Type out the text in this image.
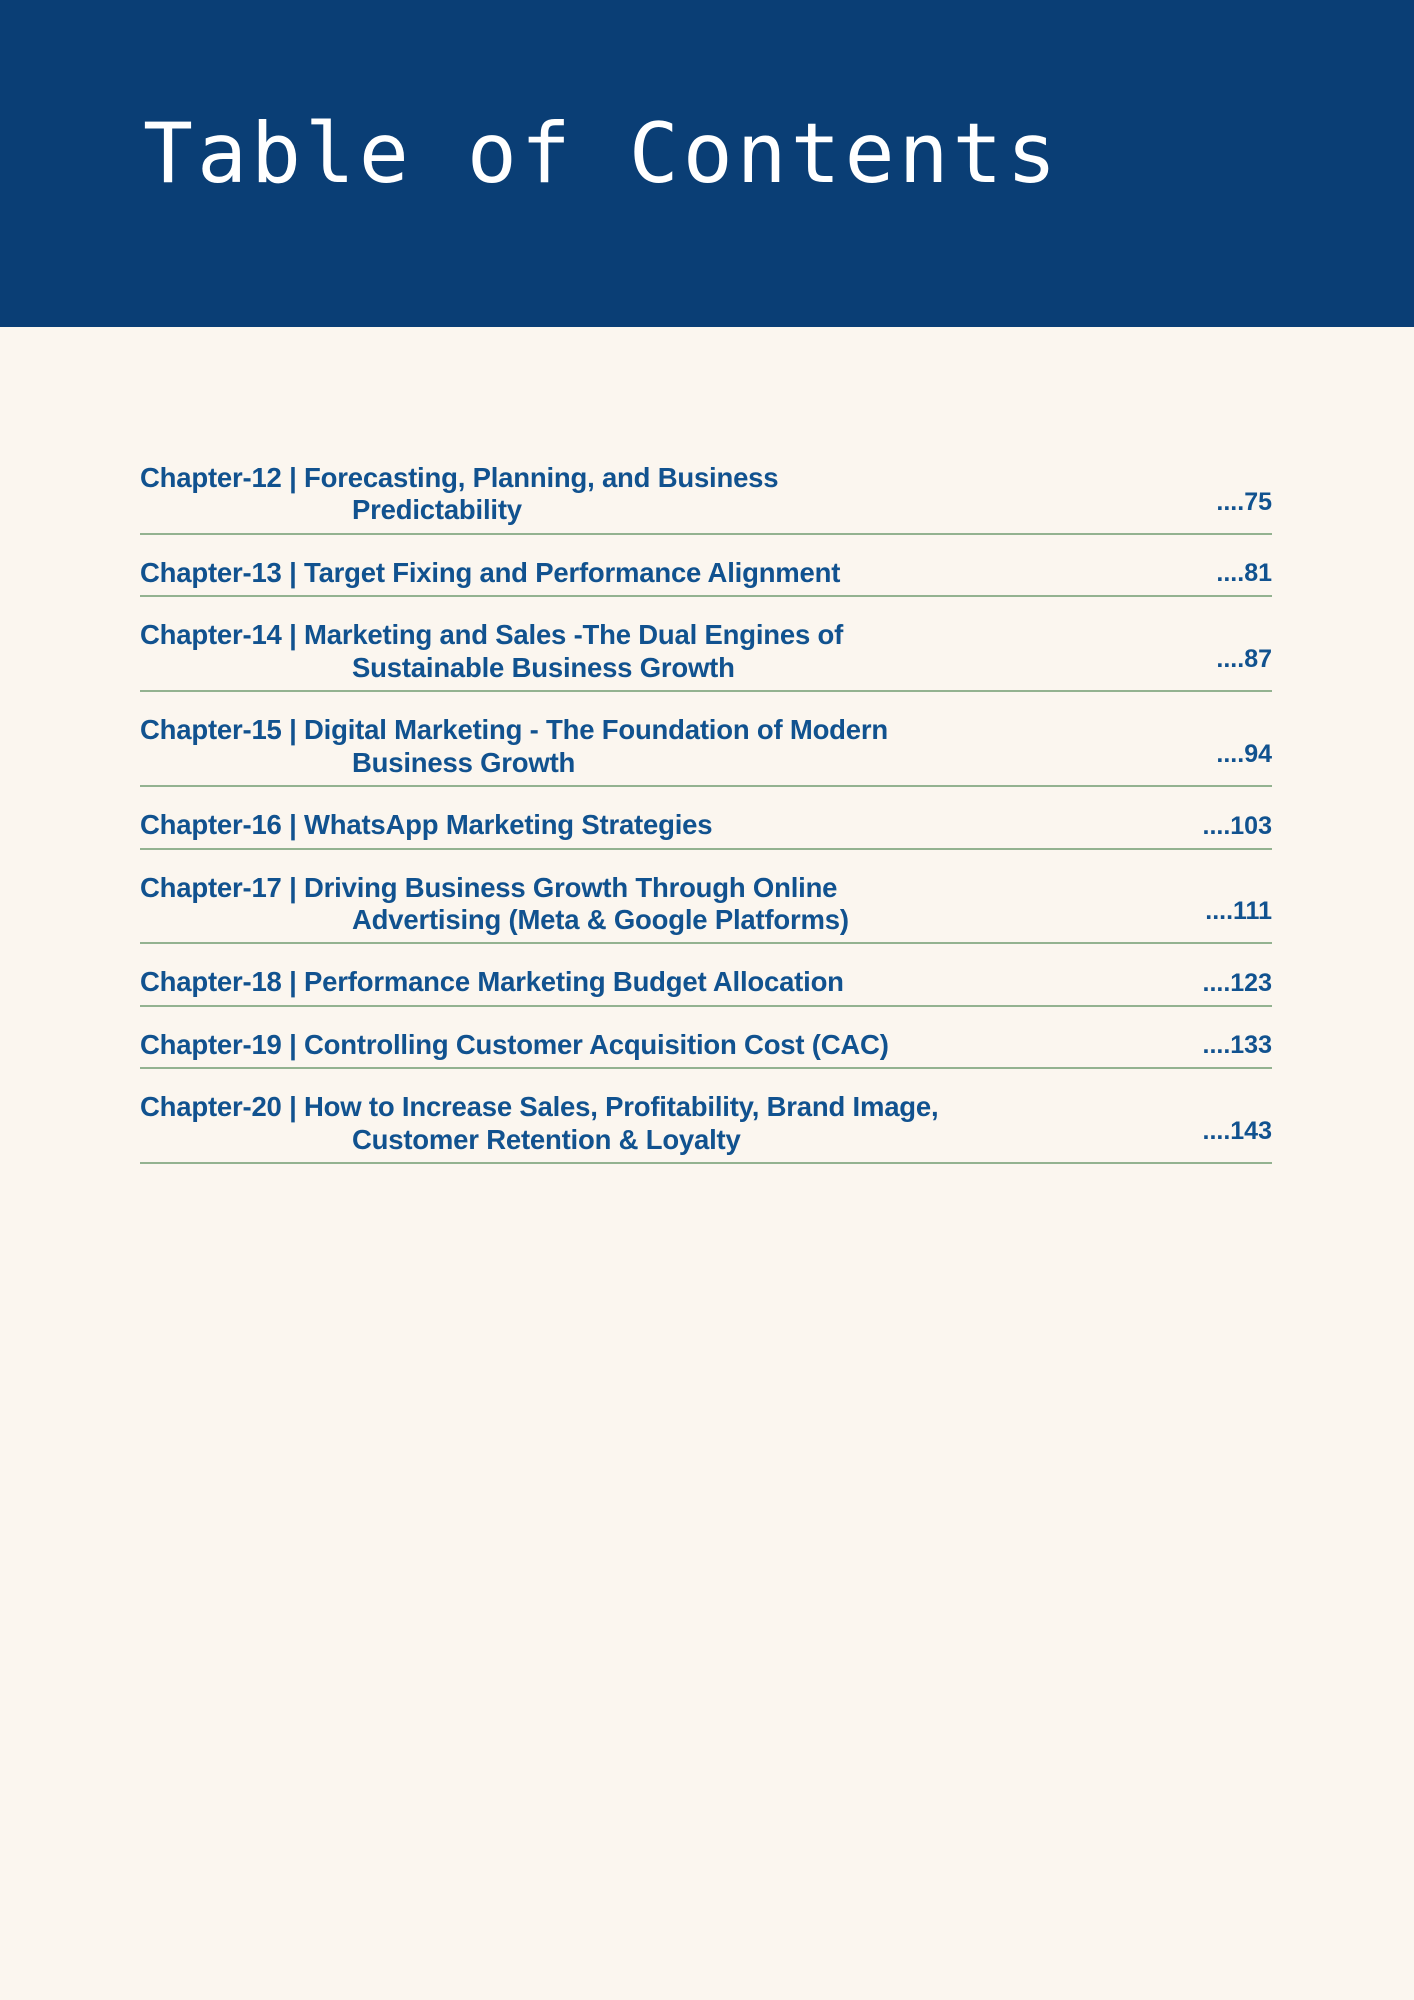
Table of Contents
Chapter-12 | Forecasting, Planning, and Business
Predictability	....75
Chapter-13 | Target Fixing and Performance Alignment	....81
Chapter-14 | Marketing and Sales -The Dual Engines of
Sustainable Business Growth	....87
Chapter-15 | Digital Marketing - The Foundation of Modern
Business Growth	....94
Chapter-16 | WhatsApp Marketing Strategies	....103
Chapter-17 | Driving Business Growth Through Online
Advertising (Meta & Google Platforms)	....111
Chapter-18 | Performance Marketing Budget Allocation	....123
Chapter-19 | Controlling Customer Acquisition Cost (CAC)	....133
Chapter-20 | How to Increase Sales, Profitability, Brand Image,
Customer Retention & Loyalty	....143
